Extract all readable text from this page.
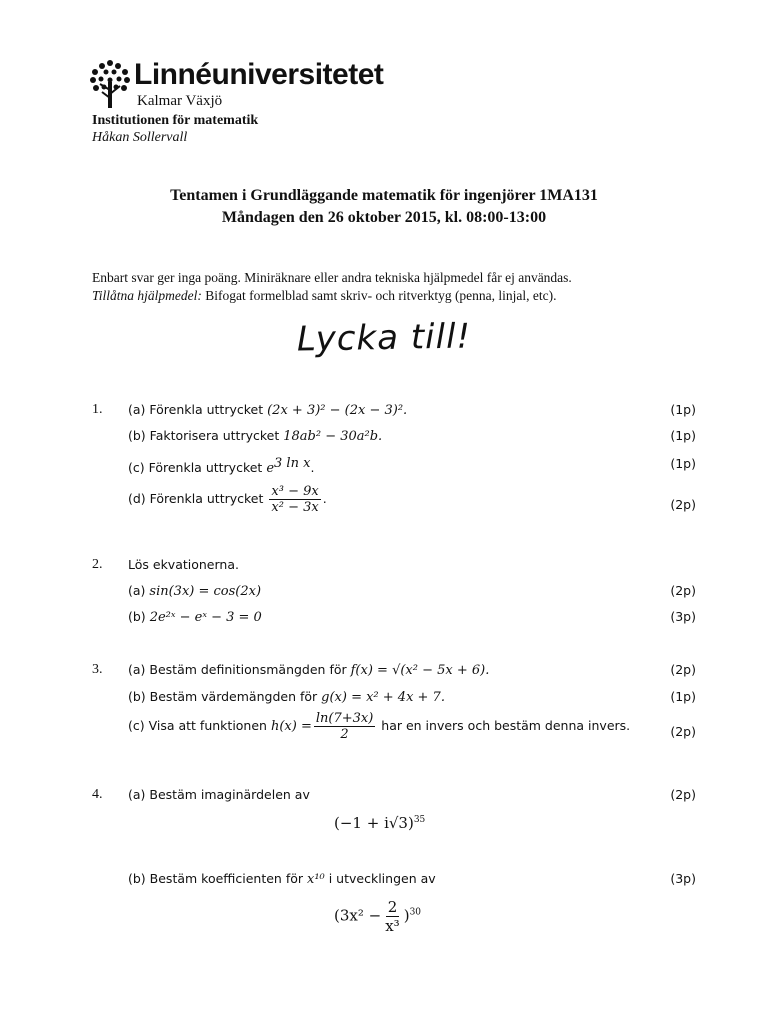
Linnéuniversitetet
Kalmar Växjö
Institutionen för matematik
Håkan Sollervall
Tentamen i Grundläggande matematik för ingenjörer 1MA131
Måndagen den 26 oktober 2015, kl. 08:00-13:00
Enbart svar ger inga poäng. Miniräknare eller andra tekniska hjälpmedel får ej användas.
Tillåtna hjälpmedel: Bifogat formelblad samt skriv- och ritverktyg (penna, linjal, etc).
Lycka till!
1. (a) Förenkla uttrycket (2x + 3)² − (2x − 3)².	(1p)
(b) Faktorisera uttrycket 18ab² − 30a²b.	(1p)
(c) Förenkla uttrycket $e^{3 ln x}$.	(1p)
(d) Förenkla uttrycket $\frac{\text{x³ − 9x}}{\text{x² − 3x}}$ .	(2p)
2. Lös ekvationerna.
(a) sin(3x) = cos(2x)	(2p)
(b) 2e²ˣ − eˣ − 3 = 0	(3p)
3. (a) Bestäm definitionsmängden för f(x) = √(x² − 5x + 6).	(2p)
(b) Bestäm värdemängden för g(x) = x² + 4x + 7.	(1p)
(c) Visa att funktionen $h(x) = \frac{\ln(7+3x)}{2}$ har en invers och bestäm denna invers.	(2p)
4. (a) Bestäm imaginärdelen av	(2p)
$(-1 + i√3)^{35}$
(b) Bestäm koefficienten för x¹⁰ i utvecklingen av	(3p)
$(3x^2 - \frac{2}{\text{x³}} )^{30}$
